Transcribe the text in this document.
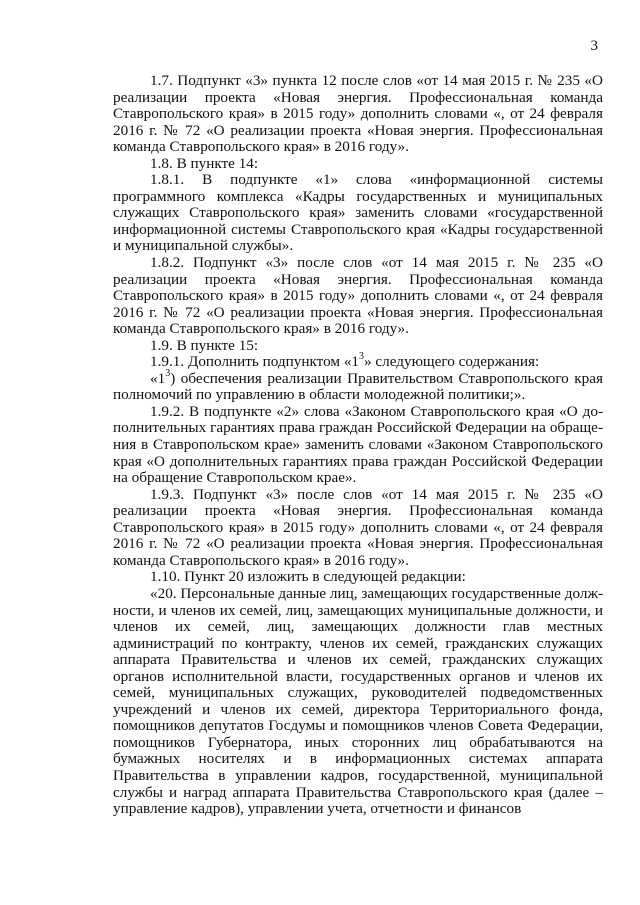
3

1.7. Подпункт «3» пункта 12 после слов «от 14 мая 2015 г. № 235 «О реализации проекта «Новая энергия. Профессиональная команда Ставропольского края» в 2015 году» дополнить словами «, от 24 февраля 2016 г. № 72 «О реализации проекта «Новая энергия. Профессиональная команда Ставропольского края» в 2016 году».

1.8. В пункте 14:

1.8.1. В подпункте «1» слова «информационной системы программного комплекса «Кадры государственных и муниципальных служащих Ставропольского края» заменить словами «государственной информационной системы Ставропольского края «Кадры государственной и муниципальной службы».

1.8.2. Подпункт «3» после слов «от 14 мая 2015 г. № 235 «О реализации проекта «Новая энергия. Профессиональная команда Ставропольского края» в 2015 году» дополнить словами «, от 24 февраля 2016 г. № 72 «О реализации проекта «Новая энергия. Профессиональная команда Ставропольского края» в 2016 году».

1.9. В пункте 15:

1.9.1. Дополнить подпунктом «$1^3$» следующего содержания:

«$1^3$) обеспечения реализации Правительством Ставропольского края полномочий по управлению в области молодежной политики;».

1.9.2. В подпункте «2» слова «Законом Ставропольского края «О дополнительных гарантиях права граждан Российской Федерации на обращения в Ставропольском крае» заменить словами «Законом Ставропольского края «О дополнительных гарантиях права граждан Российской Федерации на обращение Ставропольском крае».

1.9.3. Подпункт «3» после слов «от 14 мая 2015 г. № 235 «О реализации проекта «Новая энергия. Профессиональная команда Ставропольского края» в 2015 году» дополнить словами «, от 24 февраля 2016 г. № 72 «О реализации проекта «Новая энергия. Профессиональная команда Ставропольского края» в 2016 году».

1.10. Пункт 20 изложить в следующей редакции:

«20. Персональные данные лиц, замещающих государственные должности, и членов их семей, лиц, замещающих муниципальные должности, и членов их семей, лиц, замещающих должности глав местных администраций по контракту, членов их семей, гражданских служащих аппарата Правительства и членов их семей, гражданских служащих органов исполнительной власти, государственных органов и членов их семей, муниципальных служащих, руководителей подведомственных учреждений и членов их семей, директора Территориального фонда, помощников депутатов Госдумы и помощников членов Совета Федерации, помощников Губернатора, иных сторонних лиц обрабатываются на бумажных носителях и в информационных системах аппарата Правительства в управлении кадров, государственной, муниципальной службы и наград аппарата Правительства Ставропольского края (далее – управление кадров), управлении учета, отчетности и финансов
